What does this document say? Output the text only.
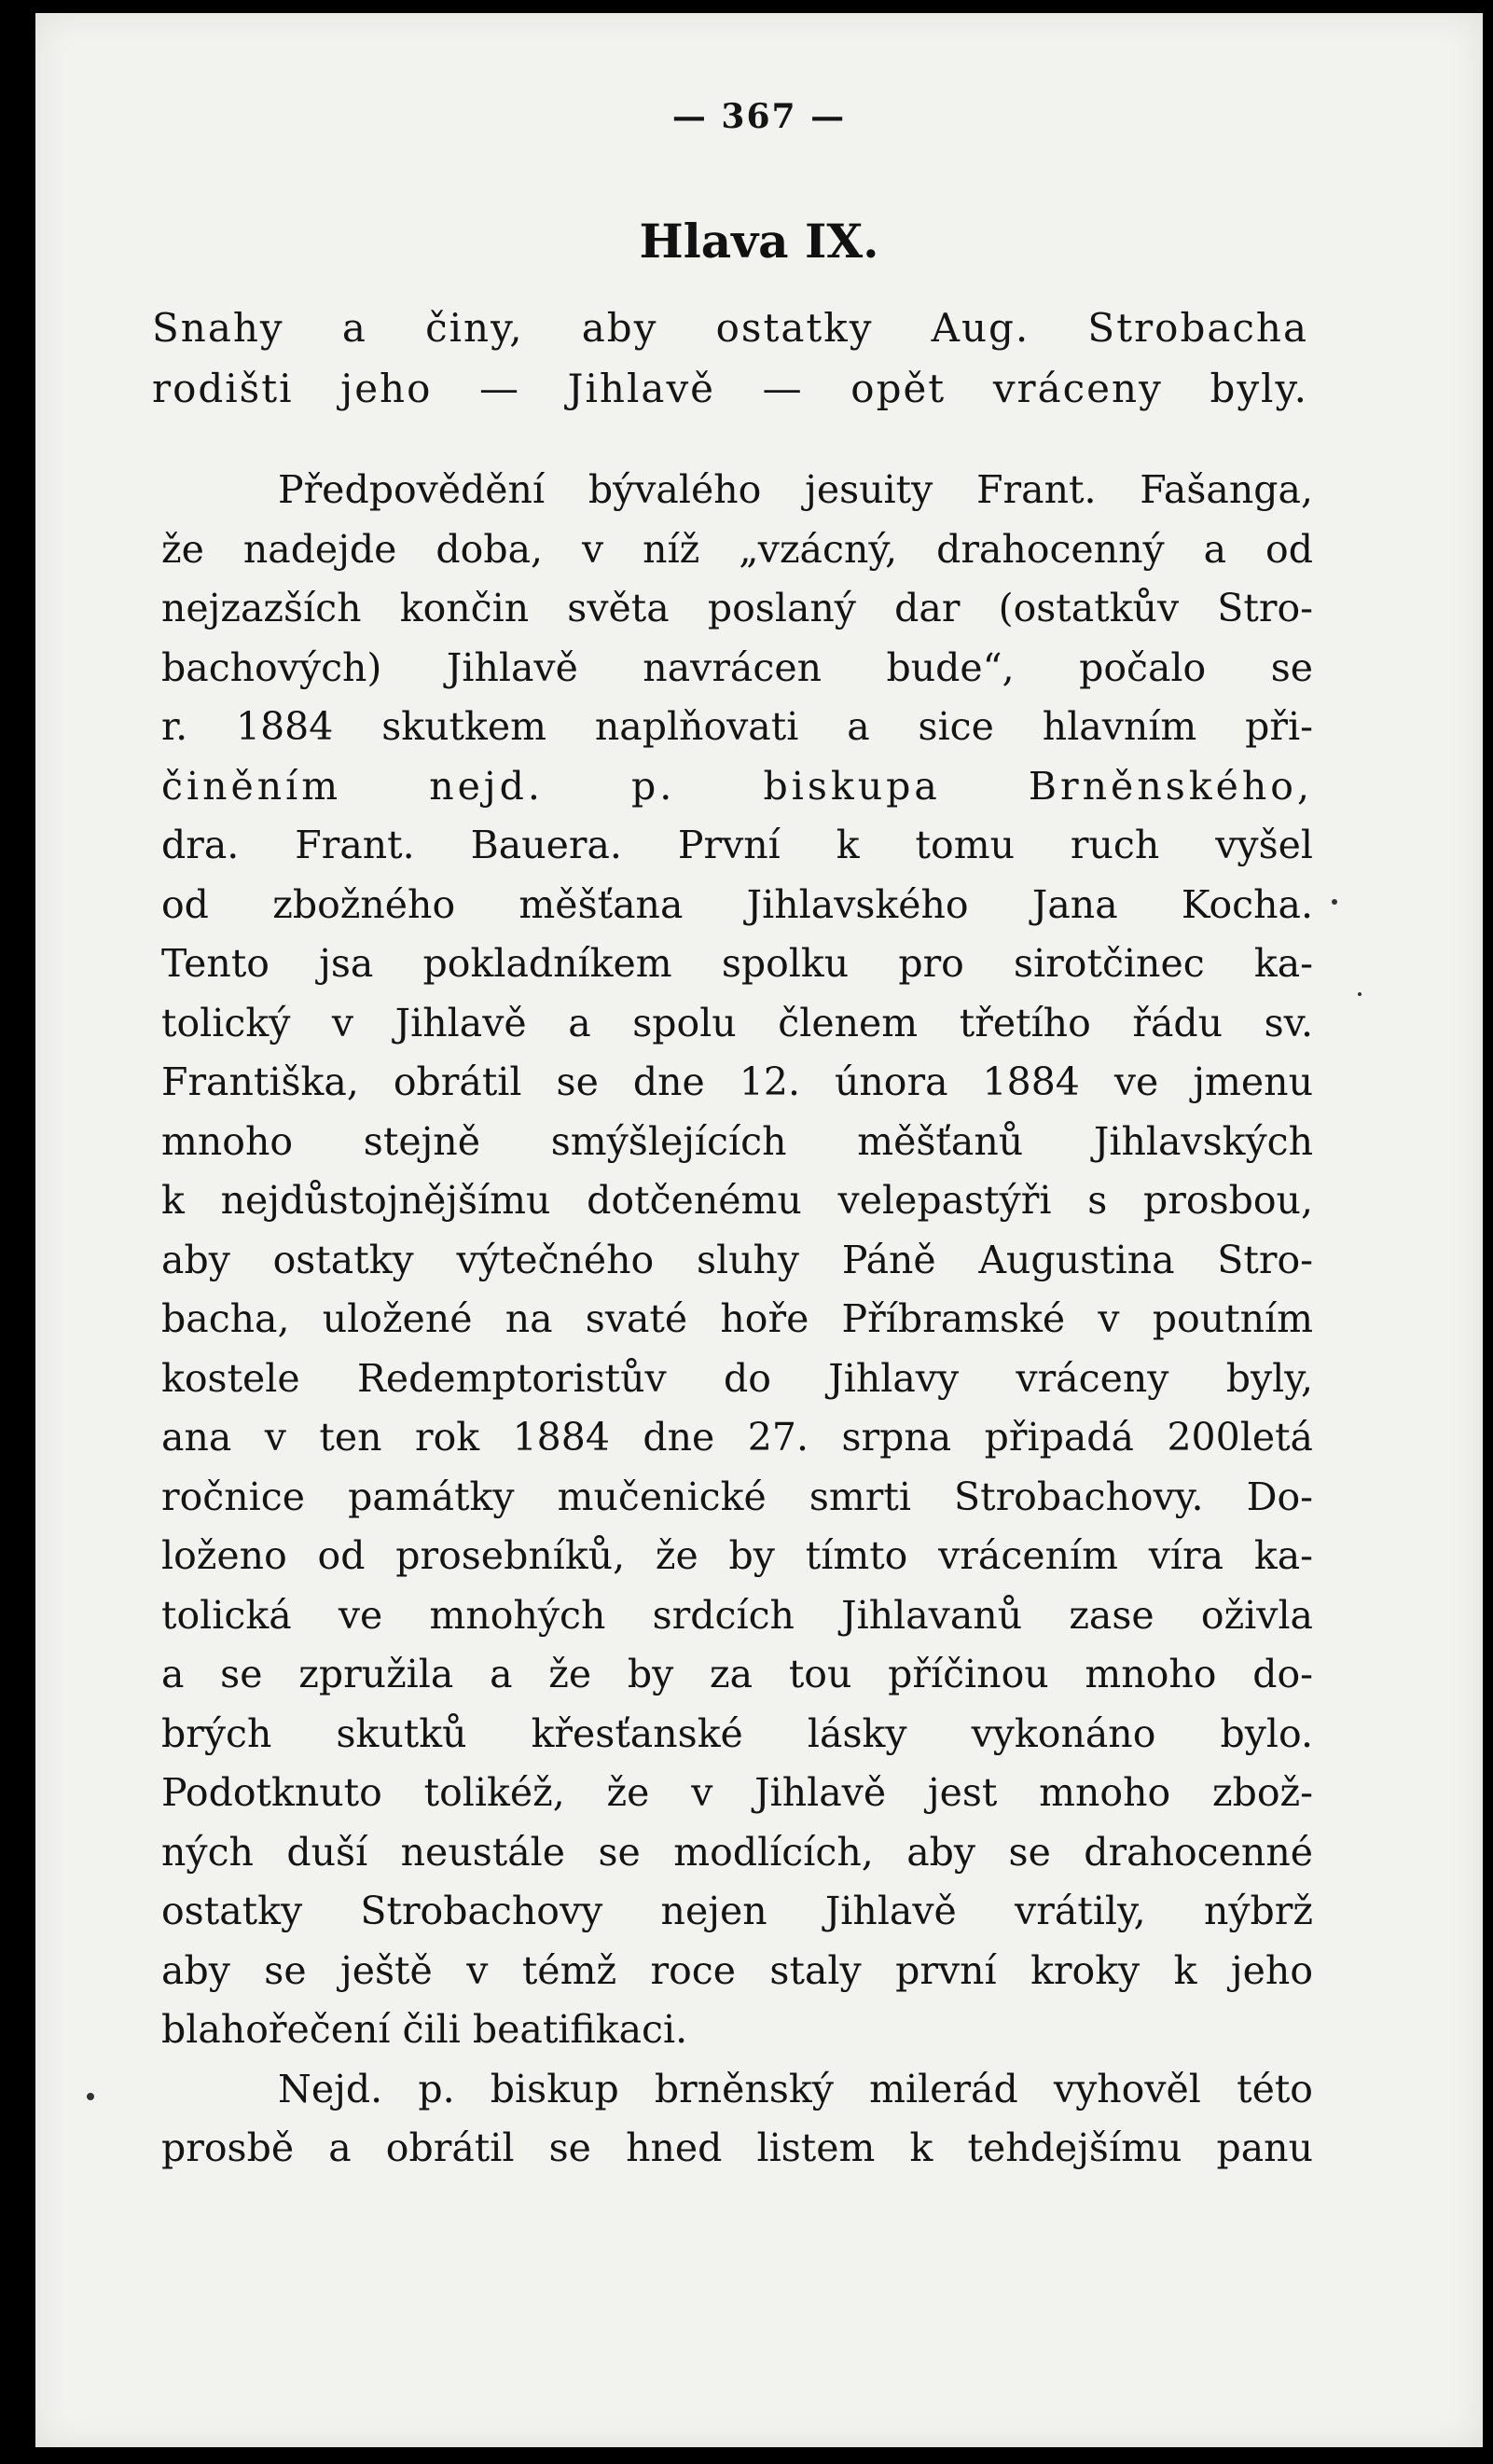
— 367 —
Hlava IX.
Snahy a činy, aby ostatky Aug. Strobacha
rodišti jeho — Jihlavě — opět vráceny byly.
Předpovědění bývalého jesuity Frant. Fašanga,
že nadejde doba, v níž „vzácný, drahocenný a od
nejzazších končin světa poslaný dar (ostatkův Stro-
bachových) Jihlavě navrácen bude“, počalo se
r. 1884 skutkem naplňovati a sice hlavním při-
činěním nejd. p. biskupa Brněnského,
dra. Frant. Bauera. První k tomu ruch vyšel
od zbožného měšťana Jihlavského Jana Kocha.
Tento jsa pokladníkem spolku pro sirotčinec ka-
tolický v Jihlavě a spolu členem třetího řádu sv.
Františka, obrátil se dne 12. února 1884 ve jmenu
mnoho stejně smýšlejících měšťanů Jihlavských
k nejdůstojnějšímu dotčenému velepastýři s prosbou,
aby ostatky výtečného sluhy Páně Augustina Stro-
bacha, uložené na svaté hoře Příbramské v poutním
kostele Redemptoristův do Jihlavy vráceny byly,
ana v ten rok 1884 dne 27. srpna připadá 200letá
ročnice památky mučenické smrti Strobachovy. Do-
loženo od prosebníků, že by tímto vrácením víra ka-
tolická ve mnohých srdcích Jihlavanů zase oživla
a se zpružila a že by za tou příčinou mnoho do-
brých skutků křesťanské lásky vykonáno bylo.
Podotknuto tolikéž, že v Jihlavě jest mnoho zbož-
ných duší neustále se modlících, aby se drahocenné
ostatky Strobachovy nejen Jihlavě vrátily, nýbrž
aby se ještě v témž roce staly první kroky k jeho
blahořečení čili beatifikaci.
Nejd. p. biskup brněnský milerád vyhověl této
prosbě a obrátil se hned listem k tehdejšímu panu
